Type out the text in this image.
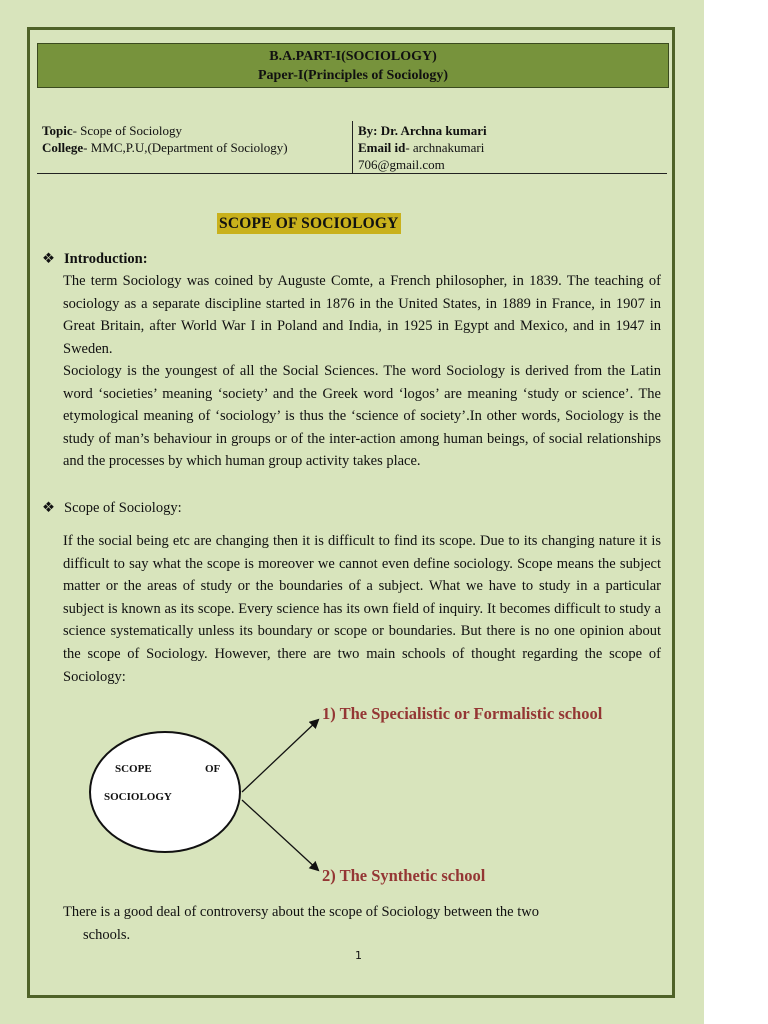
B.A.PART-I(SOCIOLOGY)
Paper-I(Principles of Sociology)
Topic- Scope of Sociology
College- MMC,P.U,(Department of Sociology)
By: Dr. Archna kumari
Email id- archnakumari
706@gmail.com
SCOPE OF SOCIOLOGY
❖ Introduction:
The term Sociology was coined by Auguste Comte, a French philosopher, in 1839. The teaching of sociology as a separate discipline started in 1876 in the United States, in 1889 in France, in 1907 in Great Britain, after World War I in Poland and India, in 1925 in Egypt and Mexico, and in 1947 in Sweden.
Sociology is the youngest of all the Social Sciences. The word Sociology is derived from the Latin word ‘societies’ meaning ‘society’ and the Greek word ‘logos’ are meaning ‘study or science’. The etymological meaning of ‘sociology’ is thus the ‘science of society’.In other words, Sociology is the study of man’s behaviour in groups or of the inter-action among human beings, of social relationships and the processes by which human group activity takes place.
❖ Scope of Sociology:
If the social being etc are changing then it is difficult to find its scope. Due to its changing nature it is difficult to say what the scope is moreover we cannot even define sociology. Scope means the subject matter or the areas of study or the boundaries of a subject. What we have to study in a particular subject is known as its scope. Every science has its own field of inquiry. It becomes difficult to study a science systematically unless its boundary or scope or boundaries. But there is no one opinion about the scope of Sociology. However, there are two main schools of thought regarding the scope of Sociology:
1) The Specialistic or Formalistic school
SCOPE	OF
SOCIOLOGY
2) The Synthetic school
There is a good deal of controversy about the scope of Sociology between the two
schools.
1
